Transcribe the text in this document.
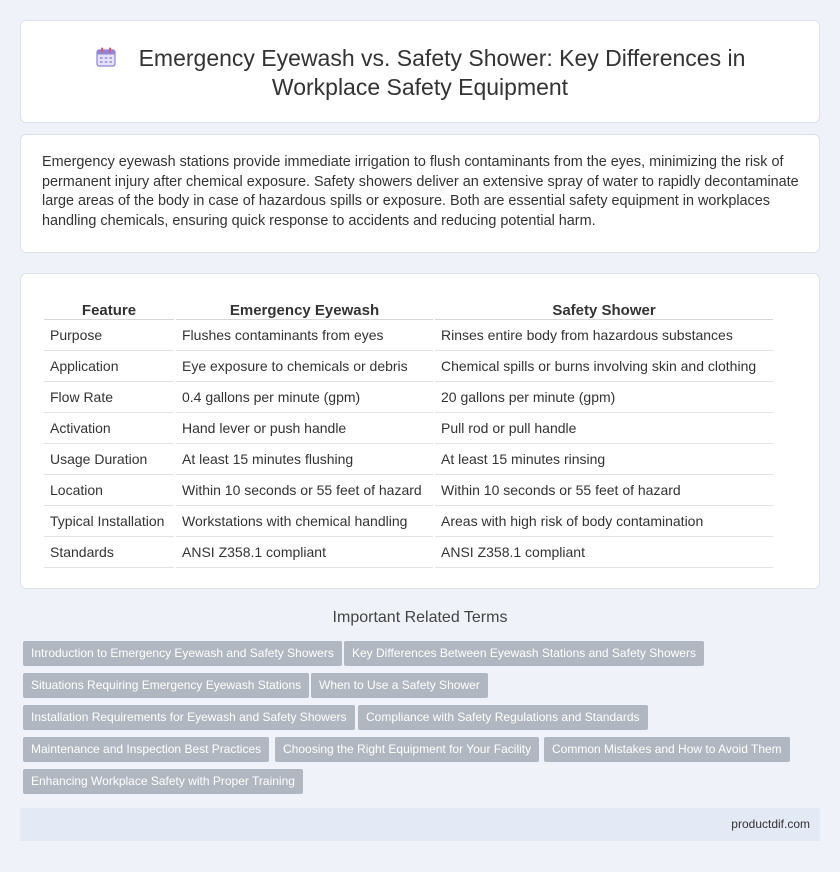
Emergency Eyewash vs. Safety Shower: Key Differences in
Workplace Safety Equipment

Emergency eyewash stations provide immediate irrigation to flush contaminants from the eyes, minimizing the risk of permanent injury after chemical exposure. Safety showers deliver an extensive spray of water to rapidly decontaminate large areas of the body in case of hazardous spills or exposure. Both are essential safety equipment in workplaces handling chemicals, ensuring quick response to accidents and reducing potential harm.

Feature	Emergency Eyewash	Safety Shower
Purpose	Flushes contaminants from eyes	Rinses entire body from hazardous substances
Application	Eye exposure to chemicals or debris	Chemical spills or burns involving skin and clothing
Flow Rate	0.4 gallons per minute (gpm)	20 gallons per minute (gpm)
Activation	Hand lever or push handle	Pull rod or pull handle
Usage Duration	At least 15 minutes flushing	At least 15 minutes rinsing
Location	Within 10 seconds or 55 feet of hazard	Within 10 seconds or 55 feet of hazard
Typical Installation	Workstations with chemical handling	Areas with high risk of body contamination
Standards	ANSI Z358.1 compliant	ANSI Z358.1 compliant
Important Related Terms
Introduction to Emergency Eyewash and Safety Showers	Key Differences Between Eyewash Stations and Safety Showers
Situations Requiring Emergency Eyewash Stations	When to Use a Safety Shower
Installation Requirements for Eyewash and Safety Showers	Compliance with Safety Regulations and Standards
Maintenance and Inspection Best Practices	Choosing the Right Equipment for Your Facility	Common Mistakes and How to Avoid Them
Enhancing Workplace Safety with Proper Training
productdif.com
